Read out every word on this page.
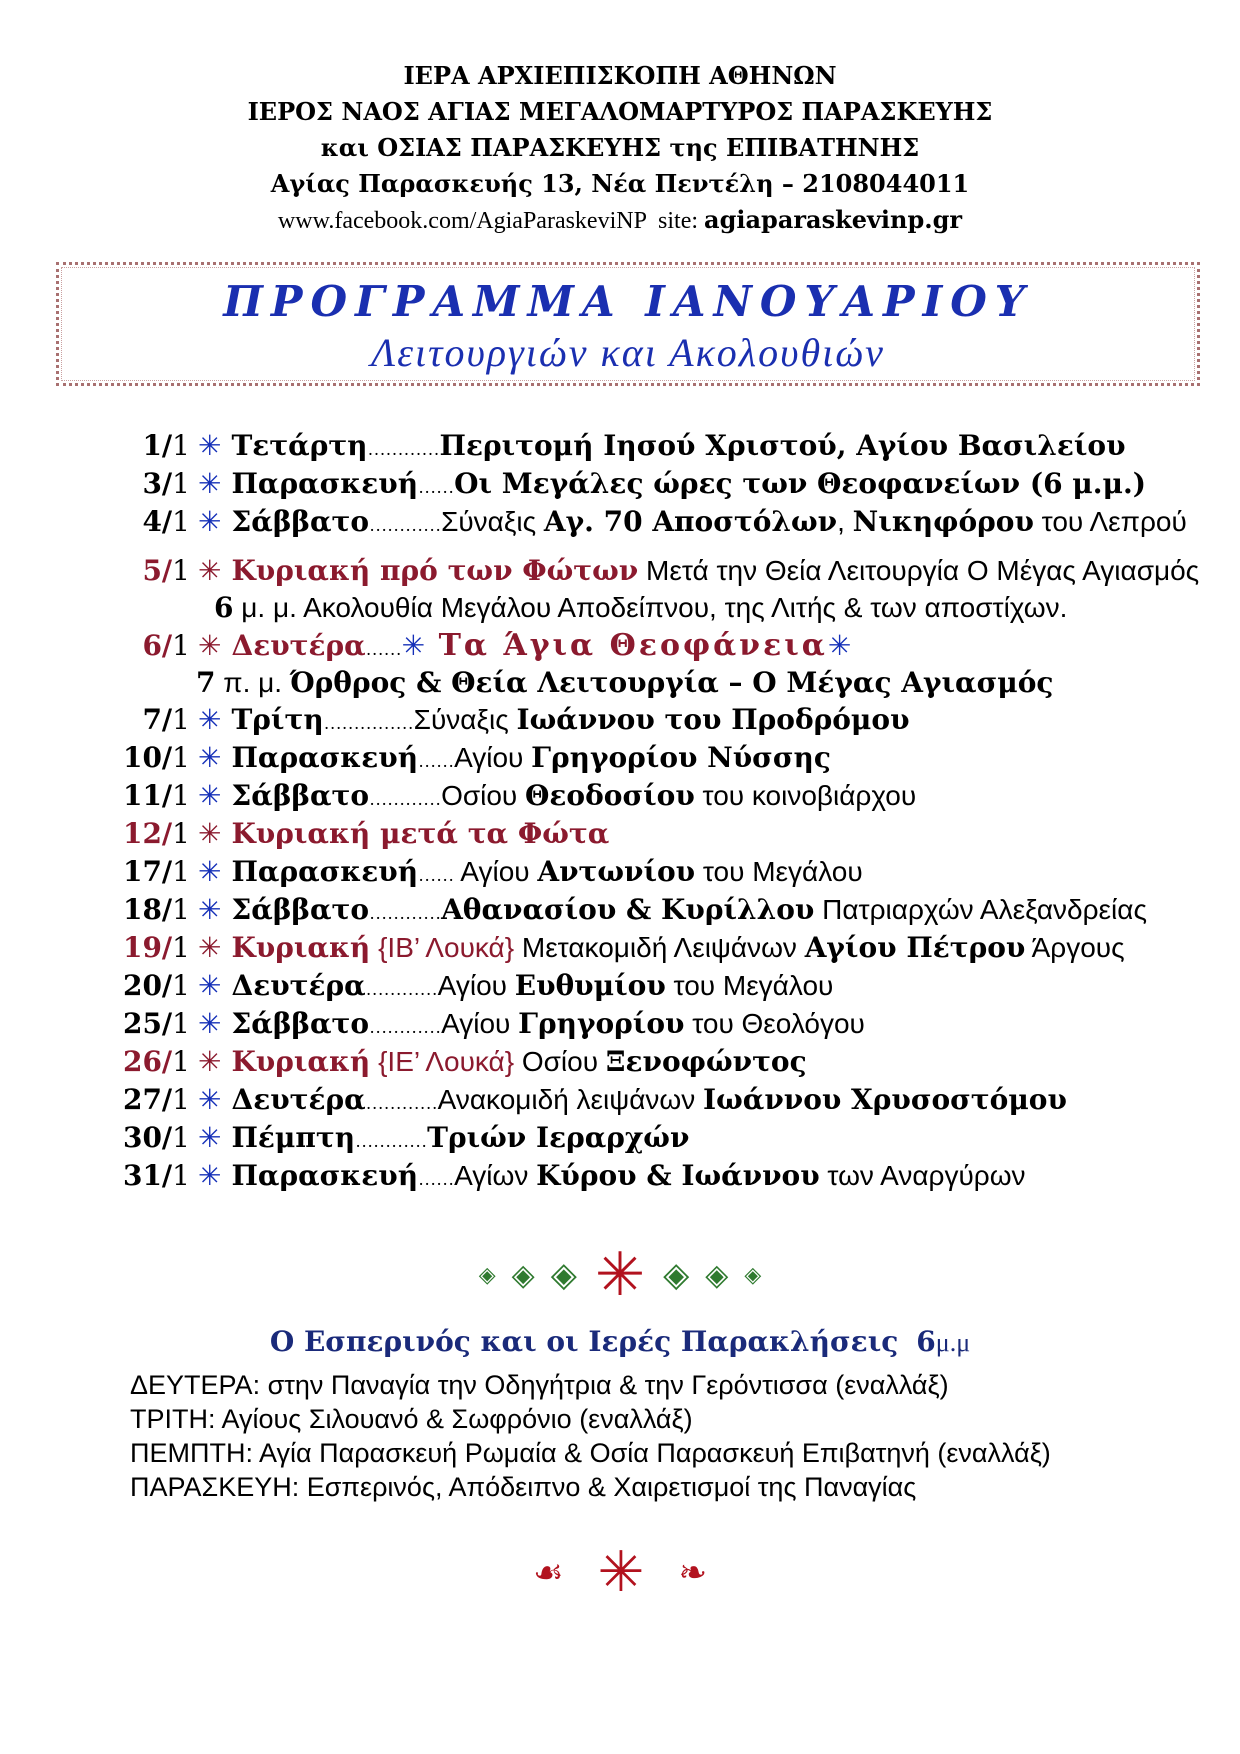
ΙΕΡΑ ΑΡΧΙΕΠΙΣΚΟΠΗ ΑΘΗΝΩΝ
ΙΕΡΟΣ ΝΑΟΣ ΑΓΙΑΣ ΜΕΓΑΛΟΜΑΡΤΥΡΟΣ ΠΑΡΑΣΚΕΥΗΣ
και ΟΣΙΑΣ ΠΑΡΑΣΚΕΥΗΣ της ΕΠΙΒΑΤΗΝΗΣ
Αγίας Παρασκευής 13, Νέα Πεντέλη – 2108044011
www.facebook.com/AgiaParaskeviNP site: agiaparaskevinp.gr
ΠΡΟΓΡΑΜΜΑ ΙΑΝΟΥΑΡΙΟΥ
Λειτουργιών και Ακολουθιών
1/1 ✳ Τετάρτη…………Περιτομή Ιησού Χριστού, Αγίου Βασιλείου
3/1 ✳ Παρασκευή……Οι Μεγάλες ώρες των Θεοφανείων (6 μ.μ.)
4/1 ✳ Σάββατο…………Σύναξις Αγ. 70 Αποστόλων, Νικηφόρου του Λεπρού
5/1 ✳ Κυριακή πρό των Φώτων Μετά την Θεία Λειτουργία Ο Μέγας Αγιασμός
6 μ. μ. Ακολουθία Μεγάλου Αποδείπνου, της Λιτής & των αποστίχων.
6/1 ✳ Δευτέρα……✳ Τα Άγια Θεοφάνεια✳
7 π. μ. Όρθρος & Θεία Λειτουργία – Ο Μέγας Αγιασμός
7/1 ✳ Τρίτη……………Σύναξις Ιωάννου του Προδρόμου
10/1 ✳ Παρασκευή……Αγίου Γρηγορίου Νύσσης
11/1 ✳ Σάββατο…………Οσίου Θεοδοσίου του κοινοβιάρχου
12/1 ✳ Κυριακή μετά τα Φώτα
17/1 ✳ Παρασκευή…… Αγίου Αντωνίου του Μεγάλου
18/1 ✳ Σάββατο…………Αθανασίου & Κυρίλλου Πατριαρχών Αλεξανδρείας
19/1 ✳ Κυριακή {ΙΒ’ Λουκά} Μετακομιδή Λειψάνων Αγίου Πέτρου Άργους
20/1 ✳ Δευτέρα…………Αγίου Ευθυμίου του Μεγάλου
25/1 ✳ Σάββατο…………Αγίου Γρηγορίου του Θεολόγου
26/1 ✳ Κυριακή {ΙΕ’ Λουκά} Οσίου Ξενοφώντος
27/1 ✳ Δευτέρα…………Ανακομιδή λειψάνων Ιωάννου Χρυσοστόμου
30/1 ✳ Πέμπτη…………Τριών Ιεραρχών
31/1 ✳ Παρασκευή……Αγίων Κύρου & Ιωάννου των Αναργύρων
◈ ◈ ◈ ✳ ◈ ◈ ◈
Ο Εσπερινός και οι Ιερές Παρακλήσεις 6μ.μ
ΔΕΥΤΕΡΑ: στην Παναγία την Οδηγήτρια & την Γερόντισσα (εναλλάξ)
ΤΡΙΤΗ: Αγίους Σιλουανό & Σωφρόνιο (εναλλάξ)
ΠΕΜΠΤΗ: Αγία Παρασκευή Ρωμαία & Οσία Παρασκευή Επιβατηνή (εναλλάξ)
ΠΑΡΑΣΚΕΥΗ: Εσπερινός, Απόδειπνο & Χαιρετισμοί της Παναγίας
☙ ✳ ❧
